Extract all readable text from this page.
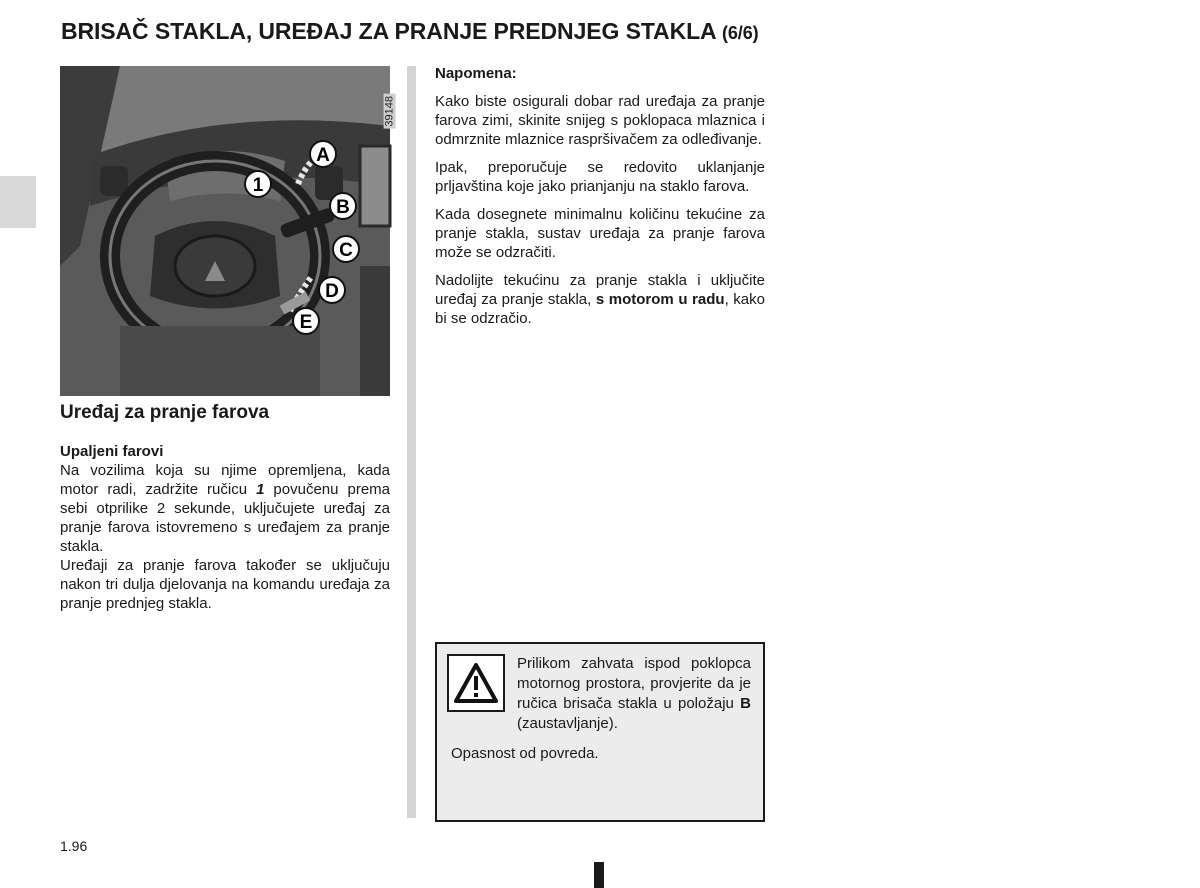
BRISAČ STAKLA, UREĐAJ ZA PRANJE PREDNJEG STAKLA (6/6)
39148
A
1
B
C
D
E
Uređaj za pranje farova

Upaljeni farovi

Na vozilima koja su njime opremljena, kada motor radi, zadržite ručicu 1 povučenu prema sebi otprilike 2 sekunde, uključujete uređaj za pranje farova istovremeno s uređajem za pranje stakla.

Uređaji za pranje farova također se uključuju nakon tri dulja djelovanja na komandu uređaja za pranje prednjeg stakla.

Napomena:

Kako biste osigurali dobar rad uređaja za pranje farova zimi, skinite snijeg s poklopaca mlaznica i odmrznite mlaznice raspršivačem za odleđivanje.

Ipak, preporučuje se redovito uklanjanje prljavština koje jako prianjanju na staklo farova.

Kada dosegnete minimalnu količinu tekućine za pranje stakla, sustav uređaja za pranje farova može se odzračiti.

Nadolijte tekućinu za pranje stakla i uključite uređaj za pranje stakla, s motorom u radu, kako bi se odzračio.

Prilikom zahvata ispod poklopca motornog prostora, provjerite da je ručica brisača stakla u položaju B (zaustavljanje).

Opasnost od povreda.

1.96
